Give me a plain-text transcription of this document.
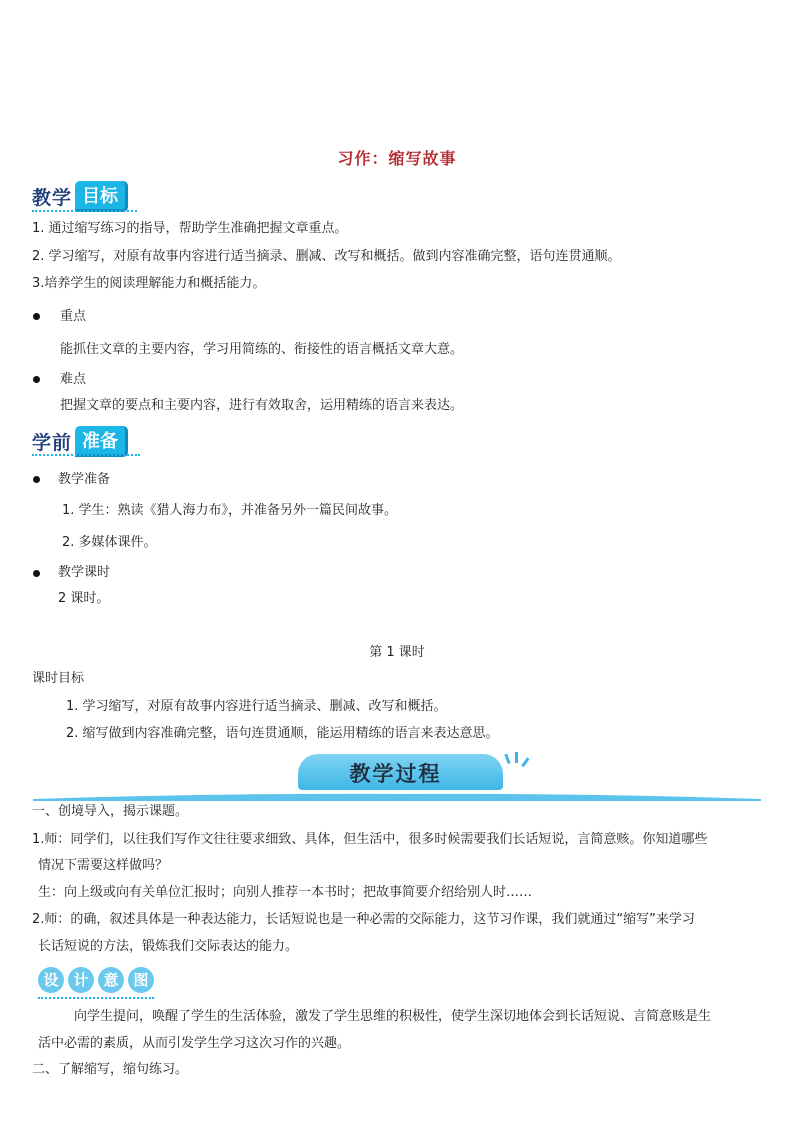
习作：缩写故事
教学 目标
1. 通过缩写练习的指导，帮助学生准确把握文章重点。
2. 学习缩写，对原有故事内容进行适当摘录、删减、改写和概括。做到内容准确完整，语句连贯通顺。
3.培养学生的阅读理解能力和概括能力。
重点
能抓住文章的主要内容，学习用简练的、衔接性的语言概括文章大意。
难点
把握文章的要点和主要内容，进行有效取舍，运用精练的语言来表达。
学前 准备
教学准备
1. 学生：熟读《猎人海力布》，并准备另外一篇民间故事。
2. 多媒体课件。
教学课时
2 课时。
第 1 课时
课时目标
1. 学习缩写，对原有故事内容进行适当摘录、删减、改写和概括。
2. 缩写做到内容准确完整，语句连贯通顺，能运用精练的语言来表达意思。
教学过程
一、创境导入，揭示课题。
1.师：同学们，以往我们写作文往往要求细致、具体，但生活中，很多时候需要我们长话短说，言简意赅。你知道哪些
情况下需要这样做吗？
生：向上级或向有关单位汇报时；向别人推荐一本书时；把故事简要介绍给别人时……
2.师：的确，叙述具体是一种表达能力，长话短说也是一种必需的交际能力，这节习作课，我们就通过“缩写”来学习
长话短说的方法，锻炼我们交际表达的能力。
设 计 意 图
向学生提问，唤醒了学生的生活体验，激发了学生思维的积极性，使学生深切地体会到长话短说、言简意赅是生
活中必需的素质，从而引发学生学习这次习作的兴趣。
二、了解缩写，缩句练习。
